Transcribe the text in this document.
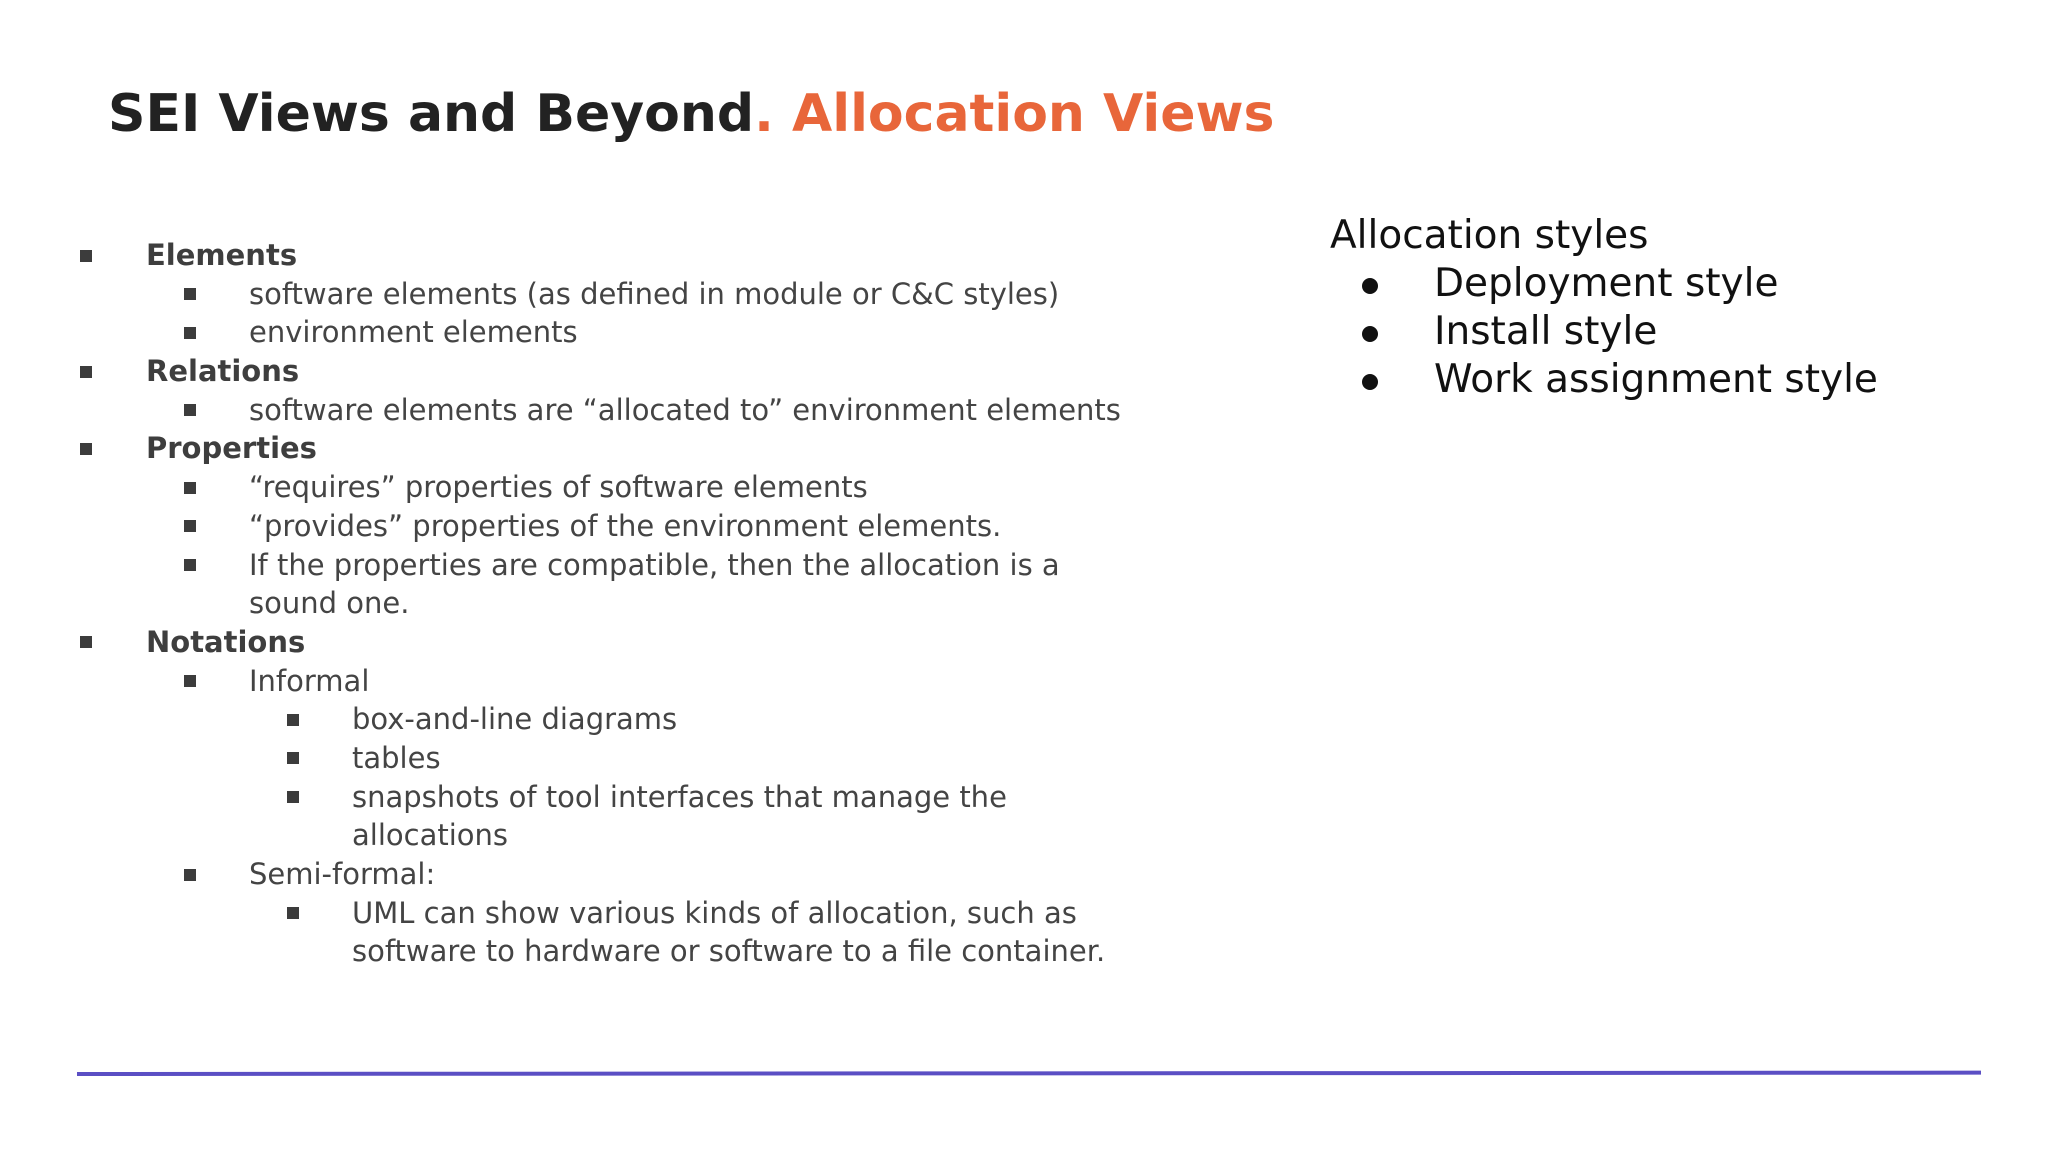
SEI Views and Beyond. Allocation Views
Elements
software elements (as defined in module or C&C styles)
environment elements
Relations
software elements are “allocated to” environment elements
Properties
“requires” properties of software elements
“provides” properties of the environment elements.
If the properties are compatible, then the allocation is a
sound one.
Notations
Informal
box-and-line diagrams
tables
snapshots of tool interfaces that manage the
allocations
Semi-formal:
UML can show various kinds of allocation, such as
software to hardware or software to a file container.
Allocation styles
Deployment style
Install style
Work assignment style
